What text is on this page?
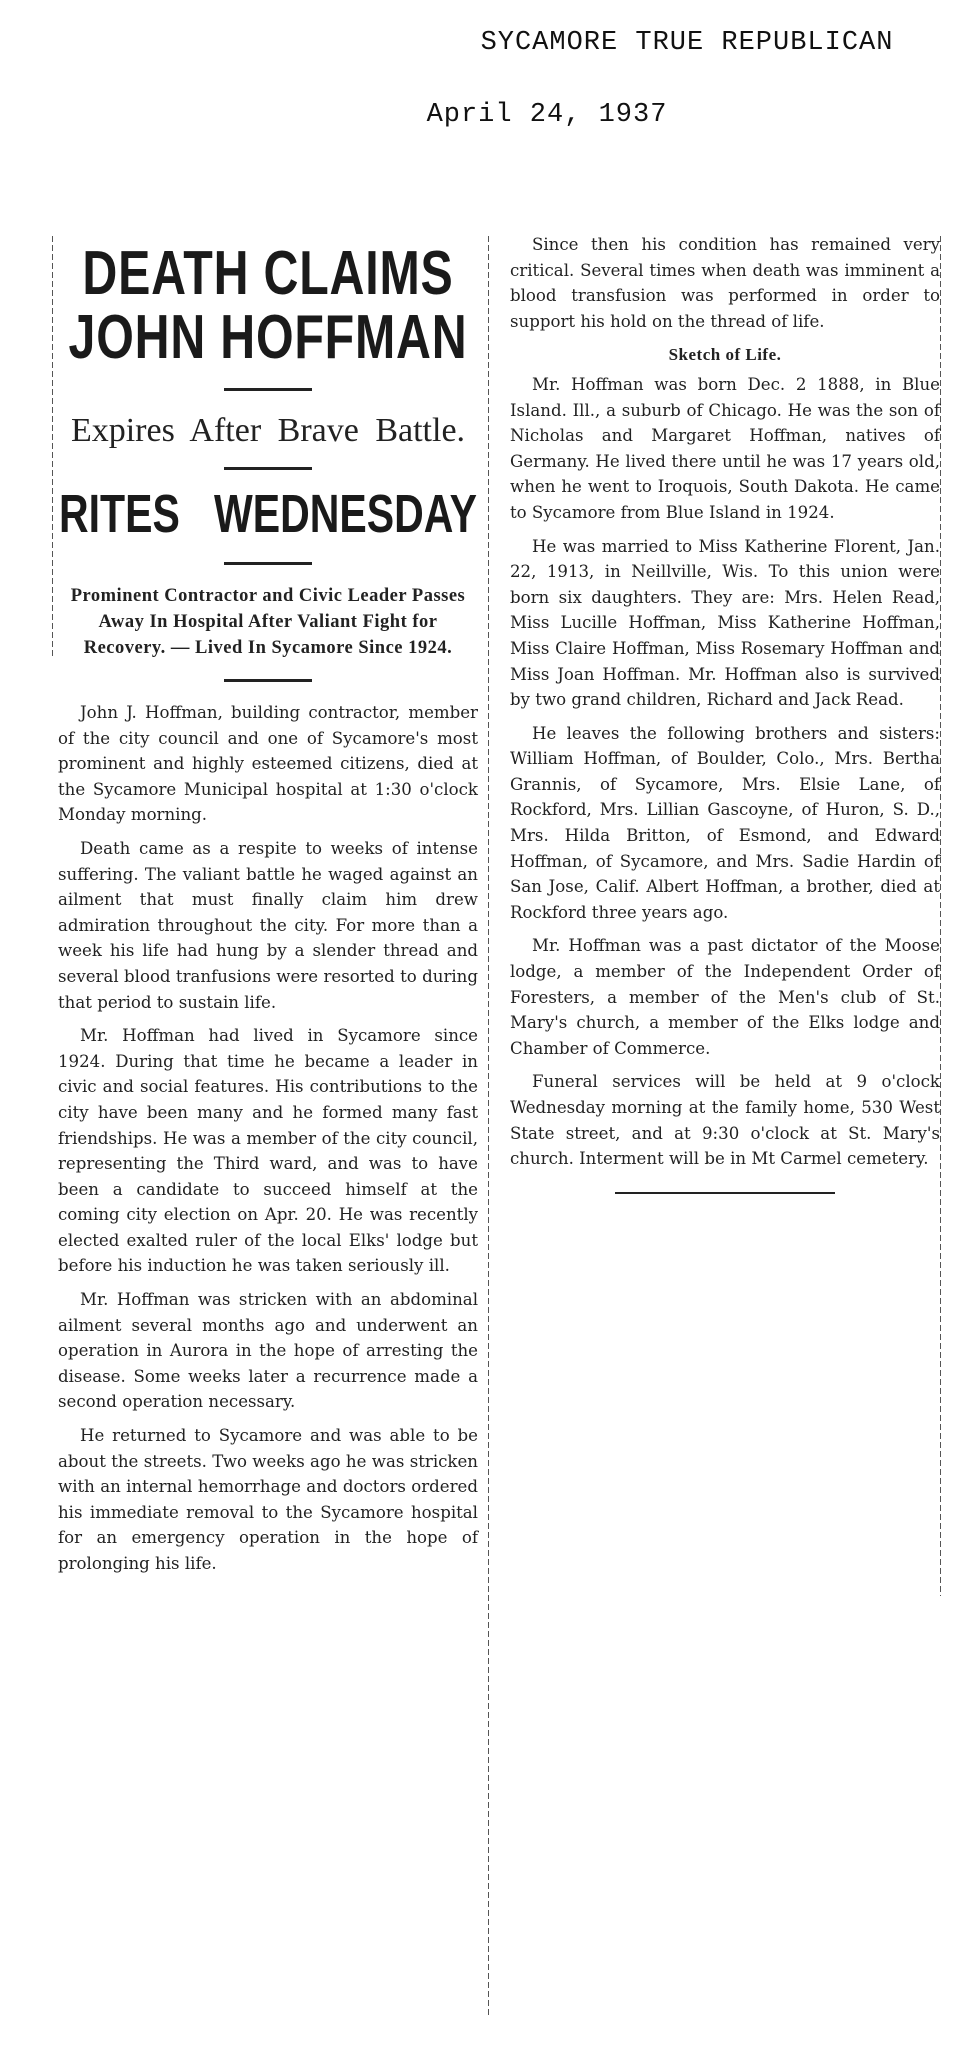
SYCAMORE TRUE REPUBLICAN
April 24, 1937
DEATH CLAIMS JOHN HOFFMAN
Expires After Brave Battle.
RITES WEDNESDAY
Prominent Contractor and Civic Leader Passes Away In Hospital After Valiant Fight for Recovery. — Lived In Sycamore Since 1924.

John J. Hoffman, building contractor, member of the city council and one of Sycamore's most prominent and highly esteemed citizens, died at the Sycamore Municipal hospital at 1:30 o'clock Monday morning.

Death came as a respite to weeks of intense suffering. The valiant battle he waged against an ailment that must finally claim him drew admiration throughout the city. For more than a week his life had hung by a slender thread and several blood tranfusions were resorted to during that period to sustain life.

Mr. Hoffman had lived in Sycamore since 1924. During that time he became a leader in civic and social features. His contributions to the city have been many and he formed many fast friendships. He was a member of the city council, representing the Third ward, and was to have been a candidate to succeed himself at the coming city election on Apr. 20. He was recently elected exalted ruler of the local Elks' lodge but before his induction he was taken seriously ill.

Mr. Hoffman was stricken with an abdominal ailment several months ago and underwent an operation in Aurora in the hope of arresting the disease. Some weeks later a recurrence made a second operation necessary.

He returned to Sycamore and was able to be about the streets. Two weeks ago he was stricken with an internal hemorrhage and doctors ordered his immediate removal to the Sycamore hospital for an emergency operation in the hope of prolonging his life.

Since then his condition has remained very critical. Several times when death was imminent a blood transfusion was performed in order to support his hold on the thread of life.

Sketch of Life.

Mr. Hoffman was born Dec. 2 1888, in Blue Island. Ill., a suburb of Chicago. He was the son of Nicholas and Margaret Hoffman, natives of Germany. He lived there until he was 17 years old, when he went to Iroquois, South Dakota. He came to Sycamore from Blue Island in 1924.

He was married to Miss Katherine Florent, Jan. 22, 1913, in Neillville, Wis. To this union were born six daughters. They are: Mrs. Helen Read, Miss Lucille Hoffman, Miss Katherine Hoffman, Miss Claire Hoffman, Miss Rosemary Hoffman and Miss Joan Hoffman. Mr. Hoffman also is survived by two grand children, Richard and Jack Read.

He leaves the following brothers and sisters: William Hoffman, of Boulder, Colo., Mrs. Bertha Grannis, of Sycamore, Mrs. Elsie Lane, of Rockford, Mrs. Lillian Gascoyne, of Huron, S. D., Mrs. Hilda Britton, of Esmond, and Edward Hoffman, of Sycamore, and Mrs. Sadie Hardin of San Jose, Calif. Albert Hoffman, a brother, died at Rockford three years ago.

Mr. Hoffman was a past dictator of the Moose lodge, a member of the Independent Order of Foresters, a member of the Men's club of St. Mary's church, a member of the Elks lodge and Chamber of Commerce.

Funeral services will be held at 9 o'clock Wednesday morning at the family home, 530 West State street, and at 9:30 o'clock at St. Mary's church. Interment will be in Mt Carmel cemetery.
